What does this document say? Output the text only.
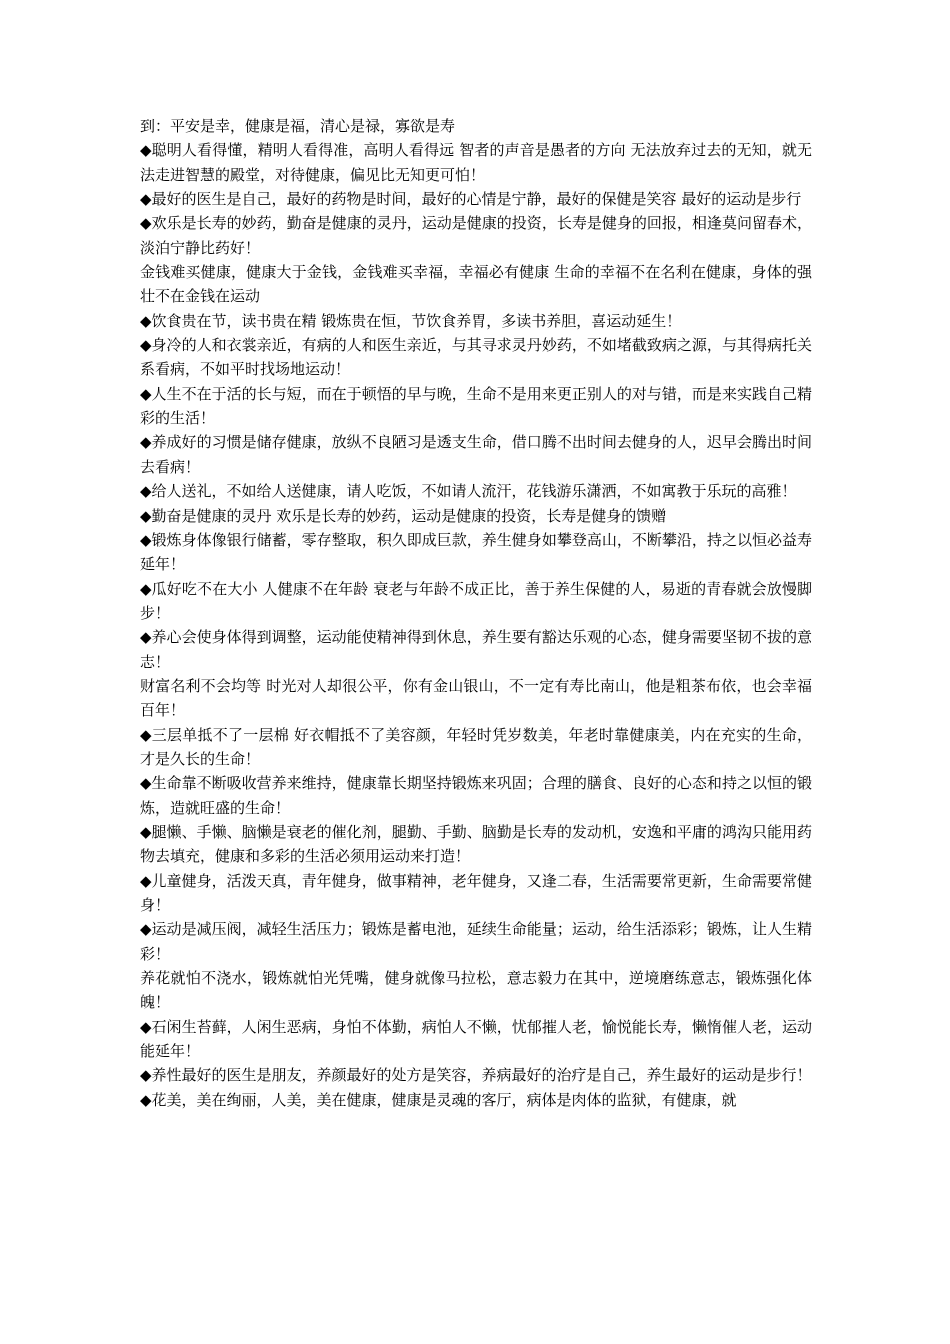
到：平安是幸，健康是福，清心是禄，寡欲是寿

◆聪明人看得懂，精明人看得准，高明人看得远 智者的声音是愚者的方向 无法放弃过去的无知，就无法走进智慧的殿堂，对待健康，偏见比无知更可怕！

◆最好的医生是自己，最好的药物是时间，最好的心情是宁静，最好的保健是笑容 最好的运动是步行

◆欢乐是长寿的妙药，勤奋是健康的灵丹，运动是健康的投资，长寿是健身的回报，相逢莫问留春术，淡泊宁静比药好！

金钱难买健康，健康大于金钱，金钱难买幸福，幸福必有健康 生命的幸福不在名利在健康，身体的强壮不在金钱在运动

◆饮食贵在节，读书贵在精 锻炼贵在恒，节饮食养胃，多读书养胆，喜运动延生！

◆身冷的人和衣裳亲近，有病的人和医生亲近，与其寻求灵丹妙药，不如堵截致病之源，与其得病托关系看病，不如平时找场地运动！

◆人生不在于活的长与短，而在于顿悟的早与晚，生命不是用来更正别人的对与错，而是来实践自己精彩的生活！

◆养成好的习惯是储存健康，放纵不良陋习是透支生命，借口腾不出时间去健身的人，迟早会腾出时间去看病！

◆给人送礼，不如给人送健康，请人吃饭，不如请人流汗，花钱游乐潇洒，不如寓教于乐玩的高雅！

◆勤奋是健康的灵丹 欢乐是长寿的妙药，运动是健康的投资，长寿是健身的馈赠

◆锻炼身体像银行储蓄，零存整取，积久即成巨款，养生健身如攀登高山，不断攀沿，持之以恒必益寿延年！

◆瓜好吃不在大小 人健康不在年龄 衰老与年龄不成正比，善于养生保健的人，易逝的青春就会放慢脚步！

◆养心会使身体得到调整，运动能使精神得到休息，养生要有豁达乐观的心态，健身需要坚韧不拔的意志！

财富名利不会均等 时光对人却很公平，你有金山银山，不一定有寿比南山，他是粗茶布依，也会幸福百年！

◆三层单抵不了一层棉 好衣帽抵不了美容颜，年轻时凭岁数美，年老时靠健康美，内在充实的生命，才是久长的生命！

◆生命靠不断吸收营养来维持，健康靠长期坚持锻炼来巩固；合理的膳食、良好的心态和持之以恒的锻炼，造就旺盛的生命！

◆腿懒、手懒、脑懒是衰老的催化剂，腿勤、手勤、脑勤是长寿的发动机，安逸和平庸的鸿沟只能用药物去填充，健康和多彩的生活必须用运动来打造！

◆儿童健身，活泼天真，青年健身，做事精神，老年健身，又逢二春，生活需要常更新，生命需要常健身！

◆运动是减压阀，减轻生活压力；锻炼是蓄电池，延续生命能量；运动，给生活添彩；锻炼，让人生精彩！

养花就怕不浇水，锻炼就怕光凭嘴，健身就像马拉松，意志毅力在其中，逆境磨练意志，锻炼强化体魄！

◆石闲生苔藓，人闲生恶病，身怕不体勤，病怕人不懒，忧郁摧人老，愉悦能长寿，懒惰催人老，运动能延年！

◆养性最好的医生是朋友，养颜最好的处方是笑容，养病最好的治疗是自己，养生最好的运动是步行！

◆花美，美在绚丽，人美，美在健康，健康是灵魂的客厅，病体是肉体的监狱，有健康，就
